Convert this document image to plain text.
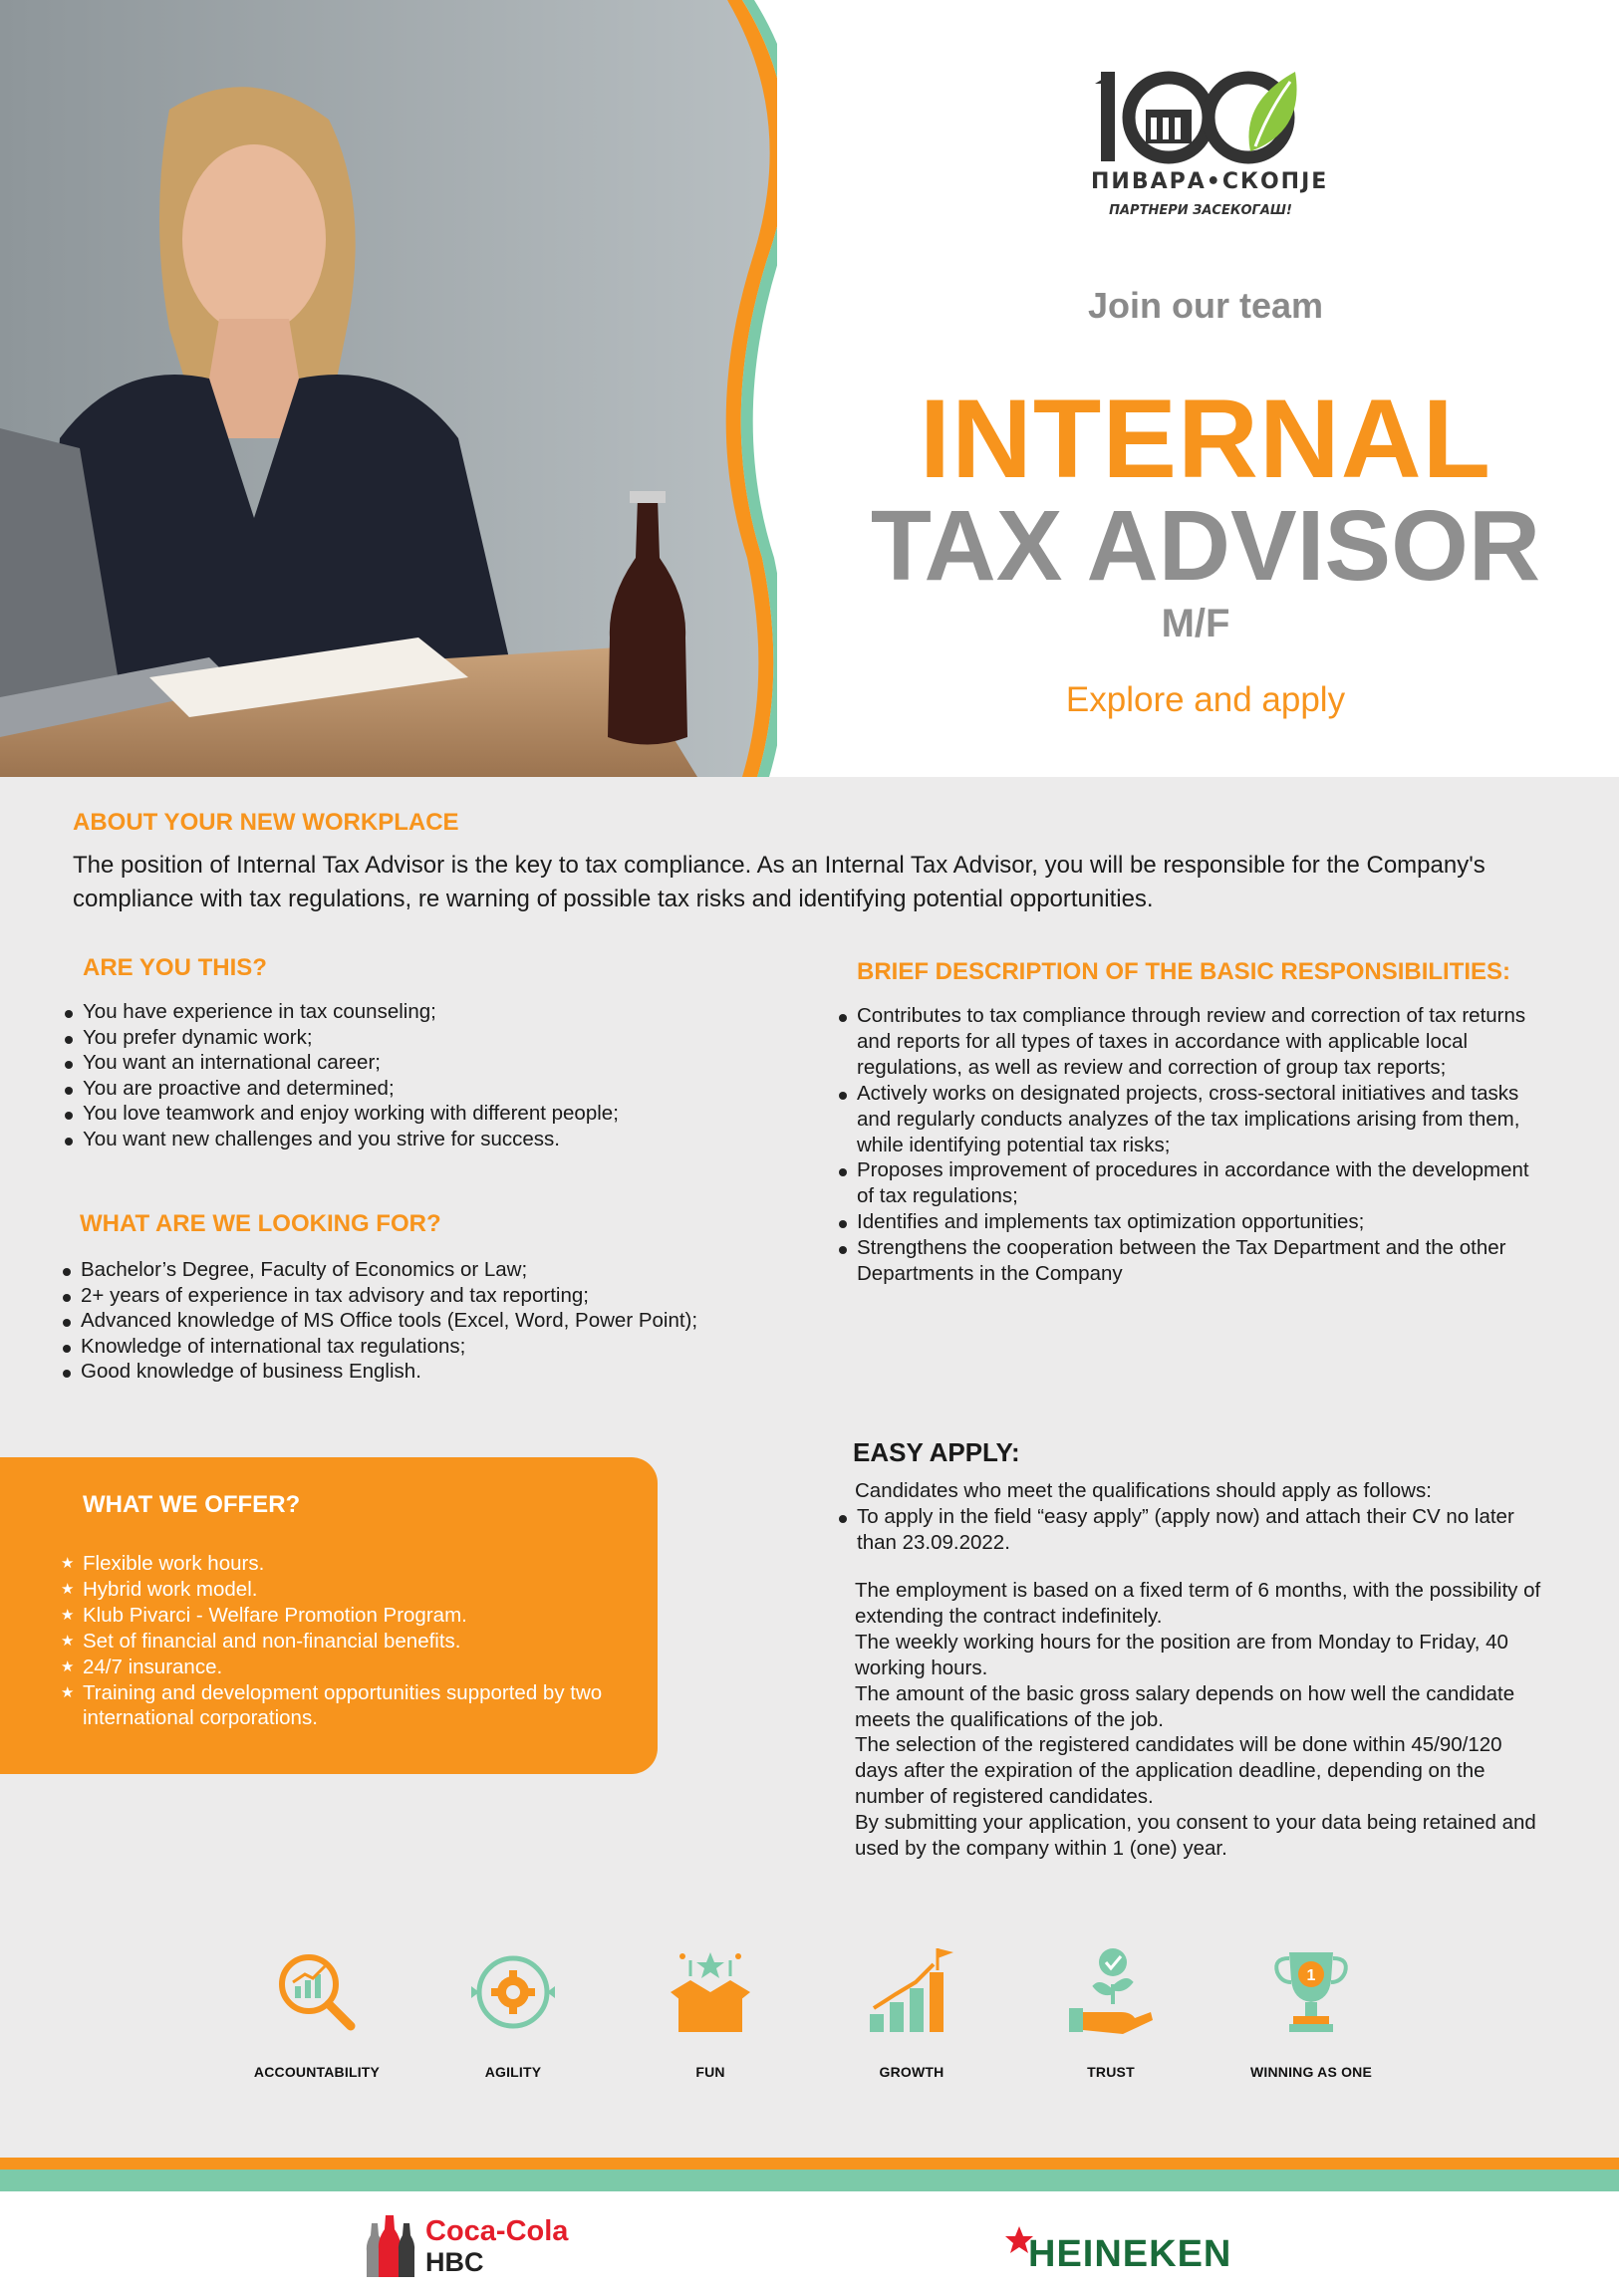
ПИВАРА•СКОПЈЕ
ПАРТНЕРИ ЗАСЕКОГАШ!
Join our team
INTERNAL
TAX ADVISOR
M/F
Explore and apply
ABOUT YOUR NEW WORKPLACE

The position of Internal Tax Advisor is the key to tax compliance. As an Internal Tax Advisor, you will be responsible for the Company's compliance with tax regulations, re warning of possible tax risks and identifying potential opportunities.

ARE YOU THIS?
You have experience in tax counseling;
You prefer dynamic work;
You want an international career;
You are proactive and determined;
You love teamwork and enjoy working with different people;
You want new challenges and you strive for success.
WHAT ARE WE LOOKING FOR?
Bachelor’s Degree, Faculty of Economics or Law;
2+ years of experience in tax advisory and tax reporting;
Advanced knowledge of MS Office tools (Excel, Word, Power Point);
Knowledge of international tax regulations;
Good knowledge of business English.
BRIEF DESCRIPTION OF THE BASIC RESPONSIBILITIES:
Contributes to tax compliance through review and correction of tax returns and reports for all types of taxes in accordance with applicable local regulations, as well as review and correction of group tax reports;
Actively works on designated projects, cross-sectoral initiatives and tasks and regularly conducts analyzes of the tax implications arising from them, while identifying potential tax risks;
Proposes improvement of procedures in accordance with the development of tax regulations;
Identifies and implements tax optimization opportunities;
Strengthens the cooperation between the Tax Department and the other Departments in the Company
WHAT WE OFFER?
★ Flexible work hours.
★ Hybrid work model.
★ Klub Pivarci - Welfare Promotion Program.
★ Set of financial and non-financial benefits.
★ 24/7 insurance.
★ Training and development opportunities supported by two international corporations.
EASY APPLY:
Candidates who meet the qualifications should apply as follows:
To apply in the field “easy apply” (apply now) and attach their CV no later than 23.09.2022.

The employment is based on a fixed term of 6 months, with the possibility of extending the contract indefinitely.

The weekly working hours for the position are from Monday to Friday, 40 working hours.

The amount of the basic gross salary depends on how well the candidate meets the qualifications of the job.

The selection of the registered candidates will be done within 45/90/120 days after the expiration of the application deadline, depending on the number of registered candidates.

By submitting your application, you consent to your data being retained and used by the company within 1 (one) year.

ACCOUNTABILITY	AGILITY	FUN	GROWTH	TRUST
1
WINNING AS ONE
Coca-Cola
HBC	HEINEKEN
